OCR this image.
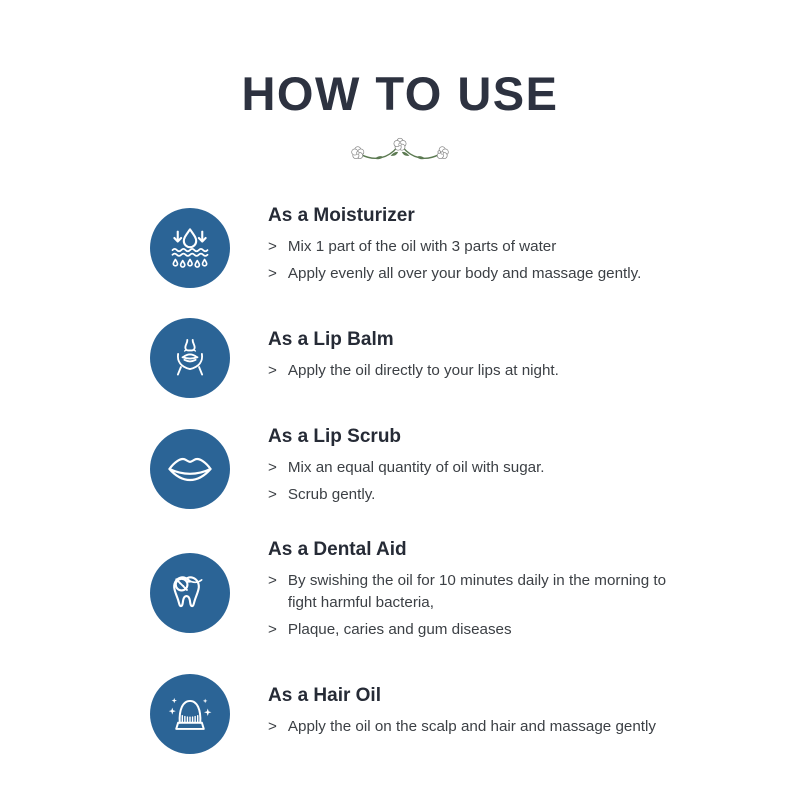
HOW TO USE
As a Moisturizer
> Mix 1 part of the oil with 3 parts of water
> Apply evenly all over your body and massage gently.
As a Lip Balm
> Apply the oil directly to your lips at night.
As a Lip Scrub
> Mix an equal quantity of oil with sugar.
> Scrub gently.
As a Dental Aid
> By swishing the oil for 10 minutes daily in the morning to fight harmful bacteria,
> Plaque, caries and gum diseases
As a Hair Oil
> Apply the oil on the scalp and hair and massage gently
